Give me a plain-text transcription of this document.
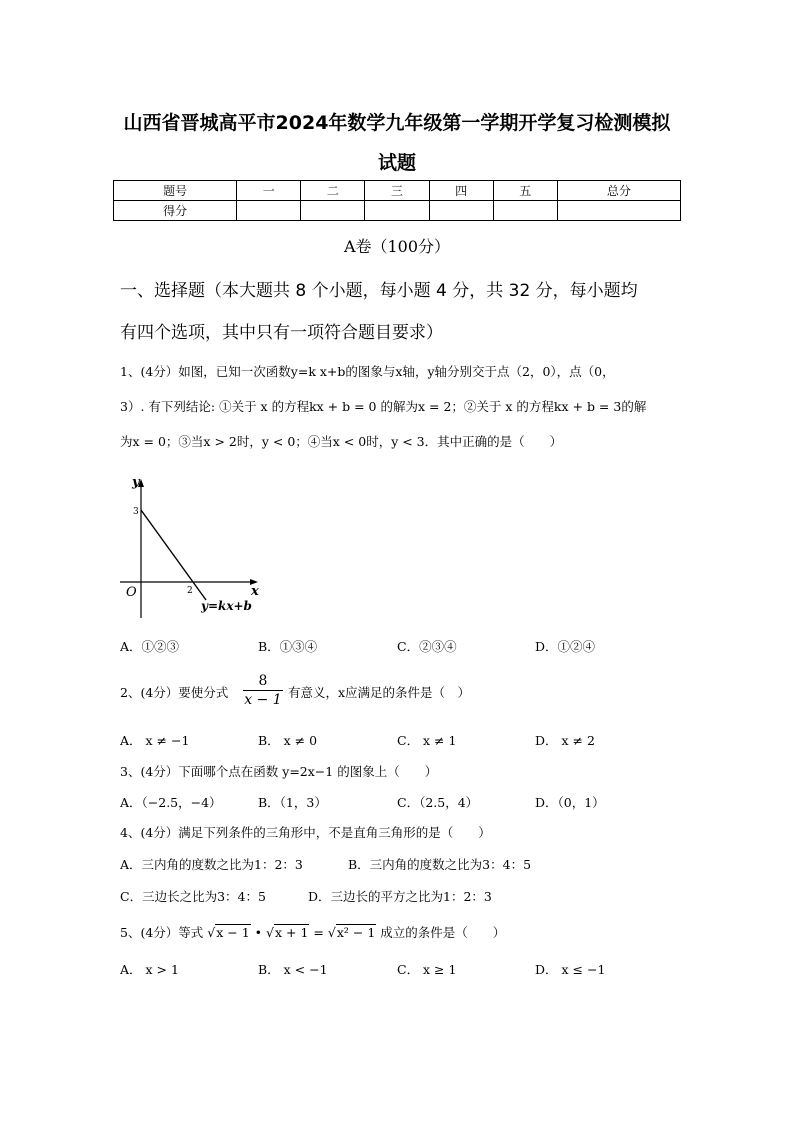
山西省晋城高平市2024年数学九年级第一学期开学复习检测模拟
试题
题号	一	二	三	四	五	总分
得分						
A卷（100分）
一、选择题（本大题共 8 个小题，每小题 4 分，共 32 分，每小题均
有四个选项，其中只有一项符合题目要求）
1、(4分）如图，已知一次函数y=k x+b的图象与x轴，y轴分别交于点（2，0），点（0，
3）. 有下列结论: ①关于 x 的方程kx + b = 0 的解为x = 2；②关于 x 的方程kx + b = 3的解
为x = 0；③当x > 2时，y < 0；④当x < 0时，y < 3．其中正确的是（　　）
y
x
O
3
2
y=kx+b
A．①②③	B．①③④	C．②③④	D．①②④
2、(4分）要使分式 $\frac{8}{x - 1}$ 有意义，x应满足的条件是（　）
A． x ≠ −1	B． x ≠ 0	C． x ≠ 1	D． x ≠ 2
3、(4分）下面哪个点在函数 y=2x−1 的图象上（　　）
A．（−2.5，−4）	B．（1，3）	C．（2.5，4）	D．（0，1）
4、(4分）满足下列条件的三角形中，不是直角三角形的是（　　）
A．三内角的度数之比为1：2：3	B．三内角的度数之比为3：4：5
C．三边长之比为3：4：5	D．三边长的平方之比为1：2：3
5、(4分）等式 √x − 1 • √x + 1 = √x² − 1 成立的条件是（　　）
A． x > 1	B． x < −1	C． x ≥ 1	D． x ≤ −1
